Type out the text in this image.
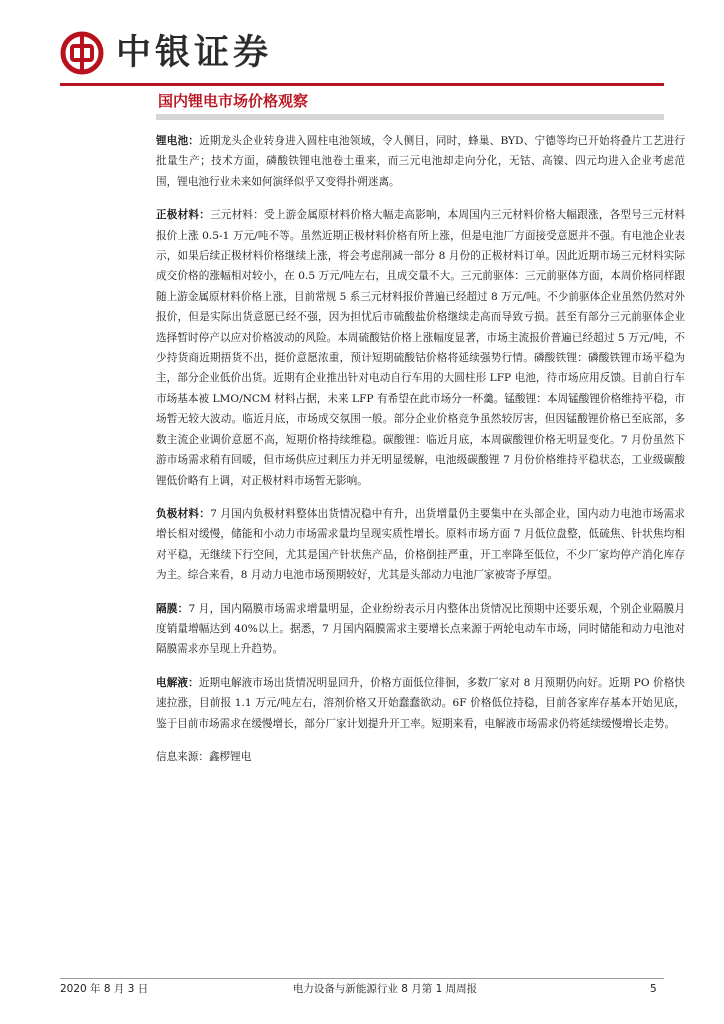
中银证券
国内锂电市场价格观察

锂电池：近期龙头企业转身进入圆柱电池领域，令人侧目，同时，蜂巢、BYD、宁德等均已开始将叠片工艺进行批量生产；技术方面，磷酸铁锂电池卷土重来，而三元电池却走向分化，无钴、高镍、四元均进入企业考虑范围，锂电池行业未来如何演绎似乎又变得扑朔迷离。

正极材料：三元材料：受上游金属原材料价格大幅走高影响，本周国内三元材料价格大幅跟涨，各型号三元材料报价上涨 0.5-1 万元/吨不等。虽然近期正极材料价格有所上涨，但是电池厂方面接受意愿并不强。有电池企业表示，如果后续正极材料价格继续上涨，将会考虑削减一部分 8 月份的正极材料订单。因此近期市场三元材料实际成交价格的涨幅相对较小，在 0.5 万元/吨左右，且成交量不大。三元前驱体：三元前驱体方面，本周价格同样跟随上游金属原材料价格上涨，目前常规 5 系三元材料报价普遍已经超过 8 万元/吨。不少前驱体企业虽然仍然对外报价，但是实际出货意愿已经不强，因为担忧后市硫酸盐价格继续走高而导致亏损。甚至有部分三元前驱体企业选择暂时停产以应对价格波动的风险。本周硫酸钴价格上涨幅度显著，市场主流报价普遍已经超过 5 万元/吨，不少持货商近期捂货不出，挺价意愿浓重，预计短期硫酸钴价格将延续强势行情。磷酸铁锂：磷酸铁锂市场平稳为主，部分企业低价出货。近期有企业推出针对电动自行车用的大圆柱形 LFP 电池，待市场应用反馈。目前自行车市场基本被 LMO/NCM 材料占据，未来 LFP 有希望在此市场分一杯羹。锰酸锂：本周锰酸锂价格维持平稳，市场暂无较大波动。临近月底，市场成交氛围一般。部分企业价格竞争虽然较厉害，但因锰酸锂价格已至底部，多数主流企业调价意愿不高，短期价格持续维稳。碳酸锂：临近月底，本周碳酸锂价格无明显变化。7 月份虽然下游市场需求稍有回暖，但市场供应过剩压力并无明显缓解，电池级碳酸锂 7 月份价格维持平稳状态，工业级碳酸锂低价略有上调，对正极材料市场暂无影响。

负极材料：7 月国内负极材料整体出货情况稳中有升，出货增量仍主要集中在头部企业，国内动力电池市场需求增长相对缓慢，储能和小动力市场需求量均呈现实质性增长。原料市场方面 7 月低位盘整，低硫焦、针状焦均相对平稳，无继续下行空间，尤其是国产针状焦产品，价格倒挂严重，开工率降至低位，不少厂家均停产消化库存为主。综合来看，8 月动力电池市场预期较好，尤其是头部动力电池厂家被寄予厚望。

隔膜：7 月，国内隔膜市场需求增量明显，企业纷纷表示月内整体出货情况比预期中还要乐观，个别企业隔膜月度销量增幅达到 40%以上。据悉，7 月国内隔膜需求主要增长点来源于两轮电动车市场，同时储能和动力电池对隔膜需求亦呈现上升趋势。

电解液：近期电解液市场出货情况明显回升，价格方面低位徘徊，多数厂家对 8 月预期仍向好。近期 PO 价格快速拉涨，目前报 1.1 万元/吨左右，溶剂价格又开始蠢蠢欲动。6F 价格低位持稳，目前各家库存基本开始见底，鉴于目前市场需求在缓慢增长，部分厂家计划提升开工率。短期来看，电解液市场需求仍将延续缓慢增长走势。

信息来源：鑫椤锂电
2020 年 8 月 3 日	电力设备与新能源行业 8 月第 1 周周报	5
